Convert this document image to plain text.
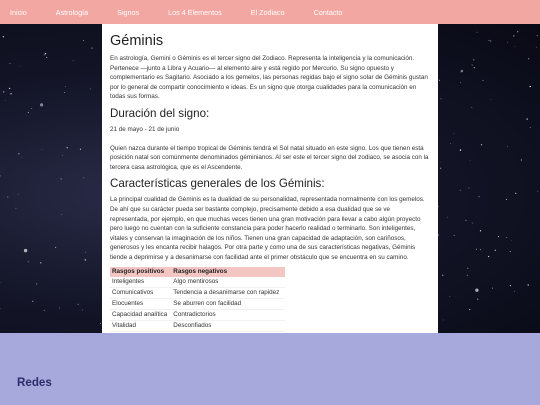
Inicio	Astrología	Signos	Los 4 Elementos	El Zodiaco	Contacto
Géminis

En astrología, Gemini o Géminis es el tercer signo del Zodiaco. Representa la inteligencia y la comunicación. Pertenece —junto a Libra y Acuario— al elemento aire y está regido por Mercurio. Su signo opuesto y complementario es Sagitario. Asociado a los gemelos, las personas regidas bajo el signo solar de Géminis gustan por lo general de compartir conocimiento e ideas. Es un signo que otorga cualidades para la comunicación en todas sus formas.

Duración del signo:

21 de mayo - 21 de junio

Quien nazca durante el tiempo tropical de Géminis tendrá el Sol natal situado en este signo. Los que tienen esta posición natal son comúnmente denominados géminianos. Al ser este el tercer signo del zodiaco, se asocia con la tercera casa astrológica, que es el Ascendente.

Características generales de los Géminis:

La principal cualidad de Géminis es la dualidad de su personalidad, representada normalmente con los gemelos. De ahí que su carácter pueda ser bastante complejo, precisamente debido a esa dualidad que se ve representada, por ejemplo, en que muchas veces tienen una gran motivación para llevar a cabo algún proyecto pero luego no cuentan con la suficiente constancia para poder hacerlo realidad o terminarlo. Son inteligentes, vitales y conservan la imaginación de los niños. Tienen una gran capacidad de adaptación, son cariñosos, generosos y les encanta recibir halagos. Por otra parte y como una de sus características negativas, Géminis tiende a deprimirse y a desanimarse con facilidad ante el primer obstáculo que se encuentra en su camino.

Rasgos positivos	Rasgos negativos
Inteligentes	Algo mentirosos
Comunicativos	Tendencia a desanimarse con rapidez
Elocuentes	Se aburren con facilidad
Capacidad analítica	Contradictorios
Vitalidad	Desconfiados
Redes
